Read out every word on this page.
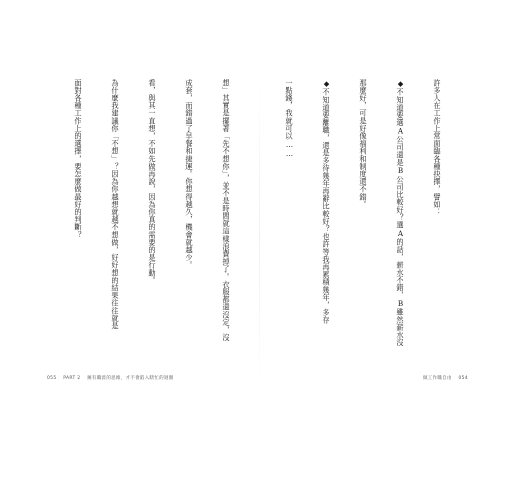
許多人在工作上常面臨各種抉擇，譬如：

◆不知道要選A公司還是B公司比較好？選A的話，薪水不錯，B雖然薪水沒

那麼好，可是好像福利和制度還不錯。

◆不知道要離職，還是多待幾年再辭比較好？也許等我再累積幾年，多存

一點錢，我就可以……

做工作職自由 054

想」其實是擺著「先不想你」，並不是時間就這樣浪費掉了。衣服都還沒定，沒

成套，而錯過了早餐和捷運。你想得越久，機會就越少。

看，與其一直想，不如先做再說，因為你真的需要的是行動。

為什麼我建議你「不想」？因為你越想就越不想做，好好想的結果往往就是

面對各種工作上的選擇，要怎麼做最好的判斷？

055 PART 2 擁有職涯的思維，才不會陷入瞎忙的迴圈
